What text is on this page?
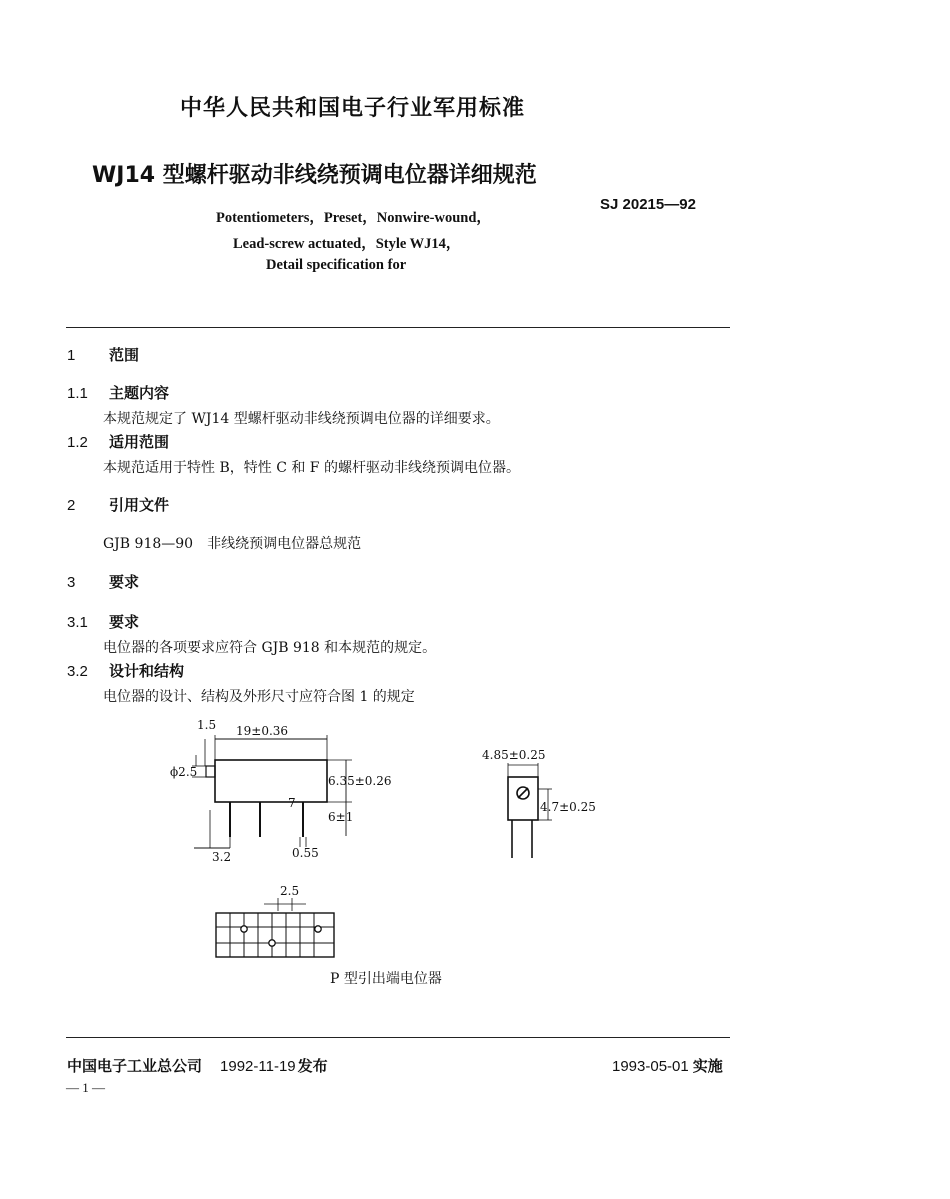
中华人民共和国电子行业军用标准

WJ14 型螺杆驱动非线绕预调电位器详细规范

SJ 20215—92

Potentiometers，Preset，Nonwire-wound，

Lead-screw actuated，Style WJ14，

Detail specification for

1 范围

1.1 主题内容

本规范规定了 WJ14 型螺杆驱动非线绕预调电位器的详细要求。

1.2 适用范围

本规范适用于特性 B，特性 C 和 F 的螺杆驱动非线绕预调电位器。

2 引用文件

GJB 918—90　非线绕预调电位器总规范

3 要求

3.1 要求

电位器的各项要求应符合 GJB 918 和本规范的规定。

3.2 设计和结构

电位器的设计、结构及外形尺寸应符合图 1 的规定

19±0.36
1.5
ϕ2.5
6.35±0.26
7
6±1
3.2	0.55
4.85±0.25
4.7±0.25
2.5

P 型引出端电位器

中国电子工业总公司 1992-11-19 发布	1993-05-01 实施

— 1 —
